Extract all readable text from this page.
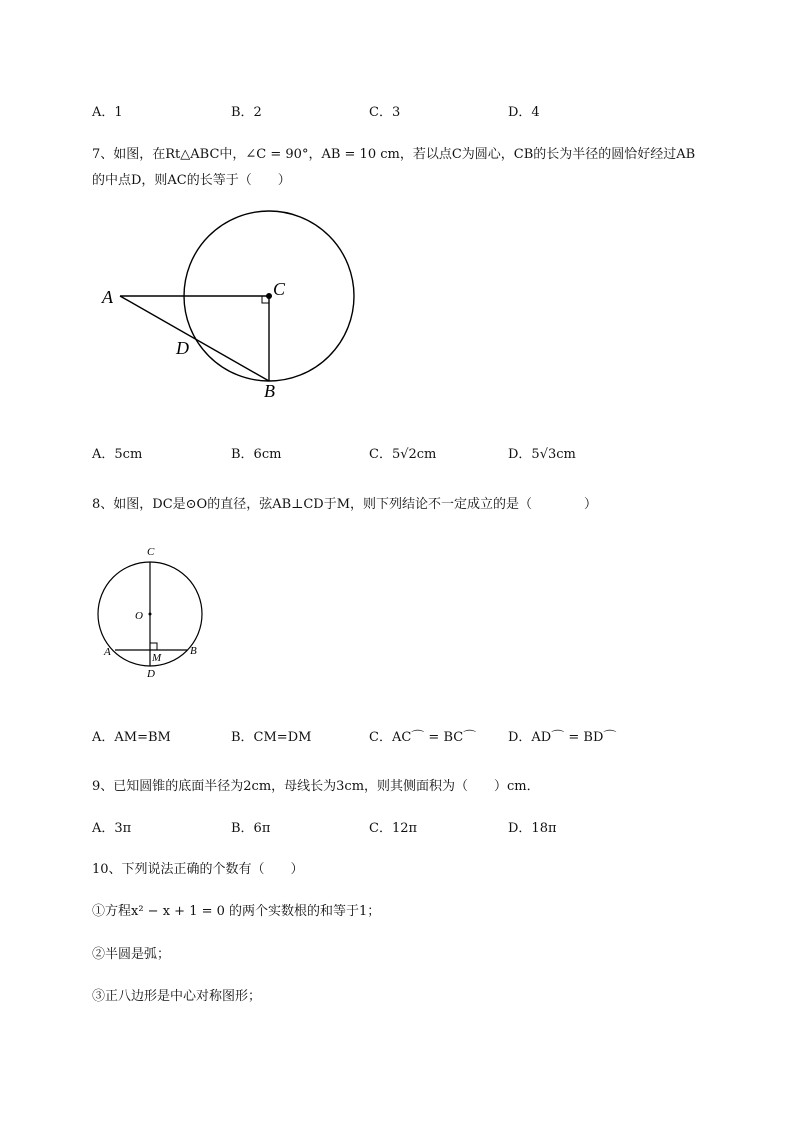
A．1	B．2	C．3	D．4
7、如图，在Rt△ABC中，∠C = 90°，AB = 10 cm，若以点C为圆心，CB的长为半径的圆恰好经过AB
的中点D，则AC的长等于（　　）
A	C
D
B
A．5cm	B．6cm	C．5√2cm	D．5√3cm
8、如图，DC是⊙O的直径，弦AB⊥CD于M，则下列结论不一定成立的是（　　　　）
C
O
A	B
M
D
A．AM=BM	B．CM=DM	C．AC⌒ = BC⌒ D．AD⌒ = BD⌒
9、已知圆锥的底面半径为2cm，母线长为3cm，则其侧面积为（　　）cm．
A．3π	B．6π	C．12π	D．18π
10、下列说法正确的个数有（　　）
①方程x² − x + 1 = 0 的两个实数根的和等于1；
②半圆是弧；
③正八边形是中心对称图形；
